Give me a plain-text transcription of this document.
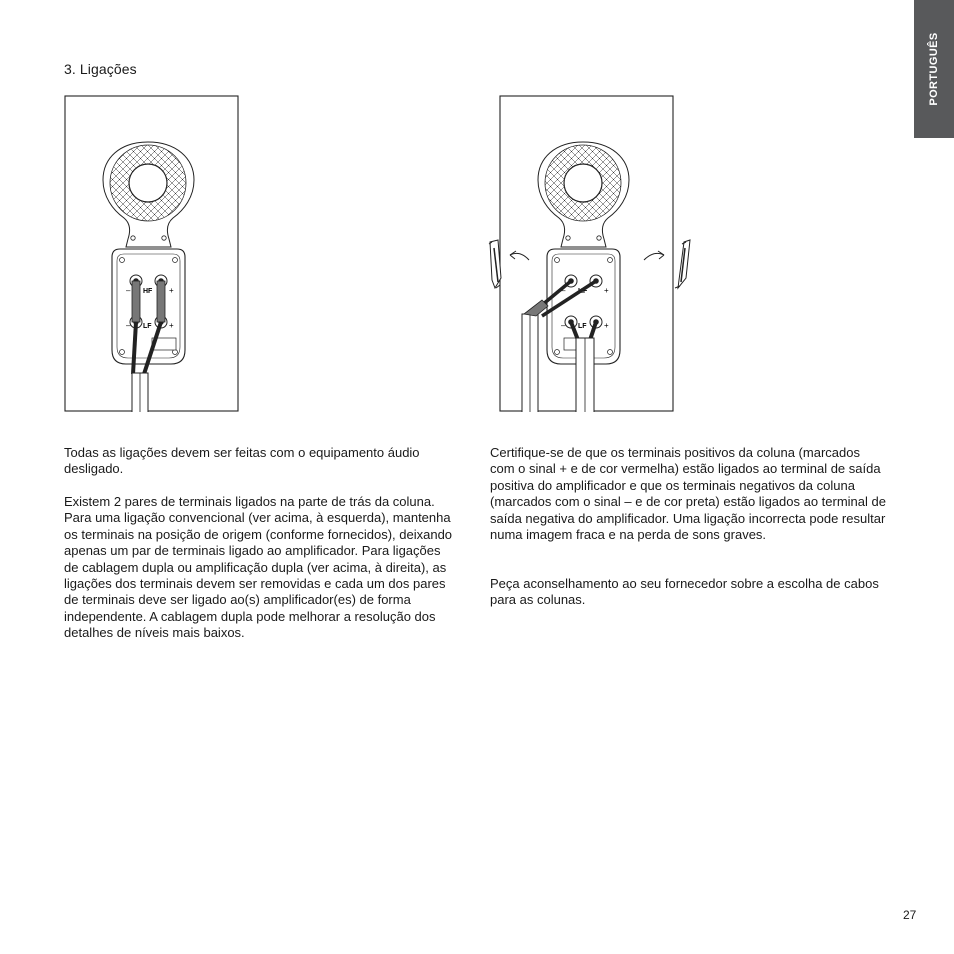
3. Ligações	PORTUGUÊS
– HF +
– LF +
– HF +
– LF +

Todas as ligações devem ser feitas com o equipamento áudio desligado.

Existem 2 pares de terminais ligados na parte de trás da coluna. Para uma ligação convencional (ver acima, à esquerda), mantenha os terminais na posição de origem (conforme fornecidos), deixando apenas um par de terminais ligado ao amplificador. Para ligações de cablagem dupla ou amplificação dupla (ver acima, à direita), as ligações dos terminais devem ser removidas e cada um dos pares de terminais deve ser ligado ao(s) amplificador(es) de forma independente. A cablagem dupla pode melhorar a resolução dos detalhes de níveis mais baixos.

Certifique-se de que os terminais positivos da coluna (marcados com o sinal + e de cor vermelha) estão ligados ao terminal de saída positiva do amplificador e que os terminais negativos da coluna (marcados com o sinal – e de cor preta) estão ligados ao terminal de saída negativa do amplificador. Uma ligação incorrecta pode resultar numa imagem fraca e na perda de sons graves.

Peça aconselhamento ao seu fornecedor sobre a escolha de cabos para as colunas.

27
